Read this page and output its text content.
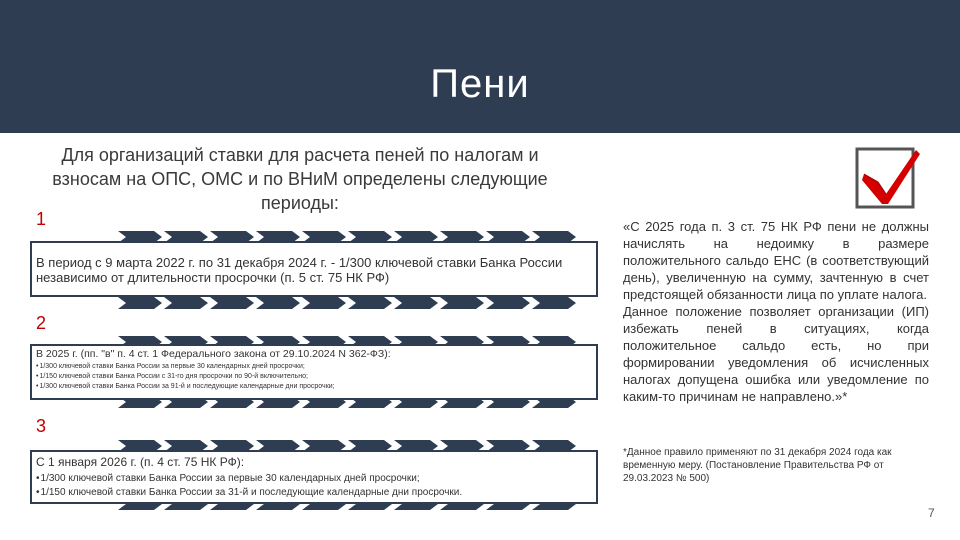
Пени
Для организаций ставки для расчета пеней по налогам и взносам на ОПС, ОМС и по ВНиМ определены следующие периоды:
1
В период с 9 марта 2022 г. по 31 декабря 2024 г. - 1/300 ключевой ставки Банка России независимо от длительности просрочки (п. 5 ст. 75 НК РФ)
2
В 2025 г. (пп. "в" п. 4 ст. 1 Федерального закона от 29.10.2024 N 362-ФЗ):
• 1/300 ключевой ставки Банка России за первые 30 календарных дней просрочки;
• 1/150 ключевой ставки Банка России с 31-го дня просрочки по 90-й включительно;
• 1/300 ключевой ставки Банка России за 91-й и последующие календарные дни просрочки;
3
С 1 января 2026 г. (п. 4 ст. 75 НК РФ):
• 1/300 ключевой ставки Банка России за первые 30 календарных дней просрочки;
• 1/150 ключевой ставки Банка России за 31-й и последующие календарные дни просрочки.

«С 2025 года п. 3 ст. 75 НК РФ пени не должны начислять на недоимку в размере положительного сальдо ЕНС (в соответствующий день), увеличенную на сумму, зачтенную в счет предстоящей обязанности лица по уплате налога.

Данное положение позволяет организации (ИП) избежать пеней в ситуациях, когда положительное сальдо есть, но при формировании уведомления об исчисленных налогах допущена ошибка или уведомление по каким-то причинам не направлено.»*

*Данное правило применяют по 31 декабря 2024 года как временную меру. (Постановление Правительства РФ от 29.03.2023 № 500)
7
